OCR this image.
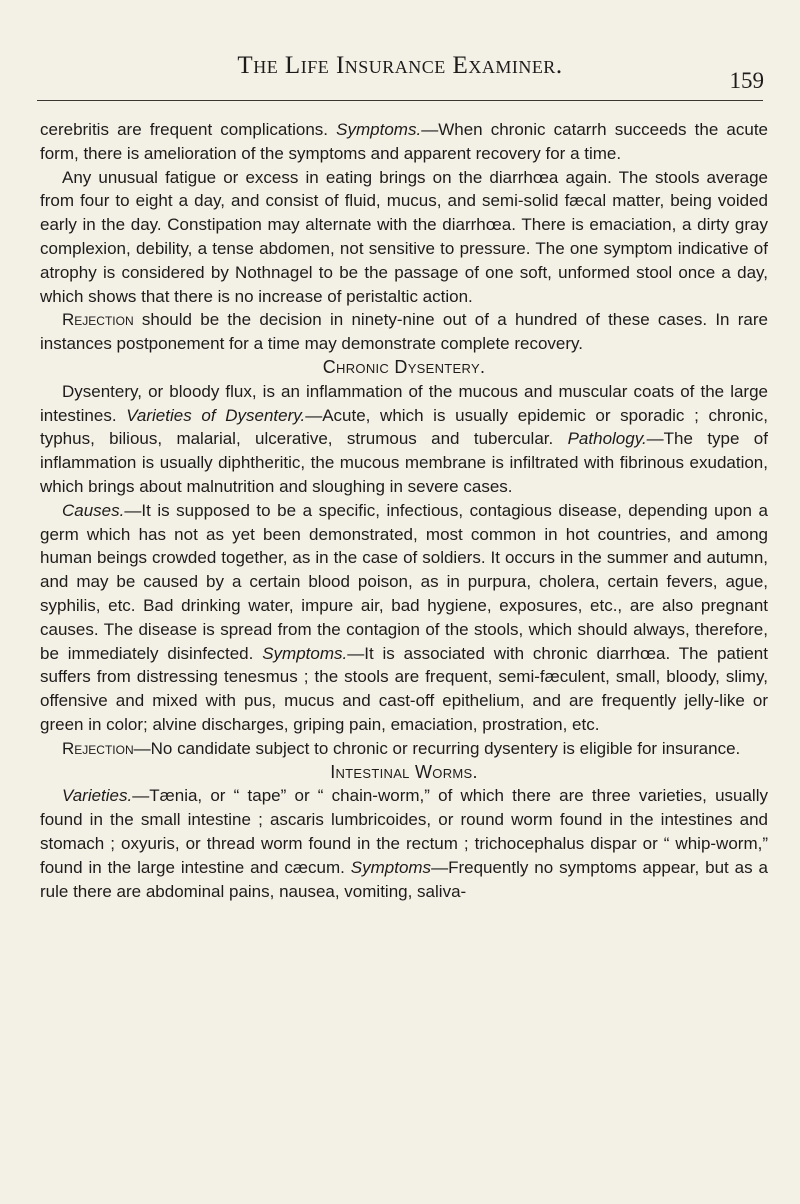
The Life Insurance Examiner.
159

cerebritis are frequent complications. Symptoms.—When chronic catarrh succeeds the acute form, there is amelioration of the symptoms and apparent recovery for a time.

Any unusual fatigue or excess in eating brings on the diarrhœa again. The stools average from four to eight a day, and consist of fluid, mucus, and semi-solid fæcal matter, being voided early in the day. Constipation may alternate with the diarrhœa. There is emaciation, a dirty gray complexion, debility, a tense abdomen, not sensitive to pressure. The one symptom indicative of atrophy is considered by Nothnagel to be the passage of one soft, unformed stool once a day, which shows that there is no increase of peristaltic action.

Rejection should be the decision in ninety-nine out of a hundred of these cases. In rare instances postponement for a time may demonstrate complete recovery.

Chronic Dysentery.

Dysentery, or bloody flux, is an inflammation of the mucous and muscular coats of the large intestines. Varieties of Dysentery.—Acute, which is usually epidemic or sporadic ; chronic, typhus, bilious, malarial, ulcerative, strumous and tubercular. Pathology.—The type of inflammation is usually diphtheritic, the mucous membrane is infiltrated with fibrinous exudation, which brings about malnutrition and sloughing in severe cases.

Causes.—It is supposed to be a specific, infectious, contagious disease, depending upon a germ which has not as yet been demonstrated, most common in hot countries, and among human beings crowded together, as in the case of soldiers. It occurs in the summer and autumn, and may be caused by a certain blood poison, as in purpura, cholera, certain fevers, ague, syphilis, etc. Bad drinking water, impure air, bad hygiene, exposures, etc., are also pregnant causes. The disease is spread from the contagion of the stools, which should always, therefore, be immediately disinfected. Symptoms.—It is associated with chronic diarrhœa. The patient suffers from distressing tenesmus ; the stools are frequent, semi-fæculent, small, bloody, slimy, offensive and mixed with pus, mucus and cast-off epithelium, and are frequently jelly-like or green in color; alvine discharges, griping pain, emaciation, prostration, etc.

Rejection—No candidate subject to chronic or recurring dysentery is eligible for insurance.

Intestinal Worms.

Varieties.—Tænia, or “ tape” or “ chain-worm,” of which there are three varieties, usually found in the small intestine ; ascaris lumbricoides, or round worm found in the intestines and stomach ; oxyuris, or thread worm found in the rectum ; trichocephalus dispar or “ whip-worm,” found in the large intestine and cæcum. Symptoms—Frequently no symptoms appear, but as a rule there are abdominal pains, nausea, vomiting, saliva-
